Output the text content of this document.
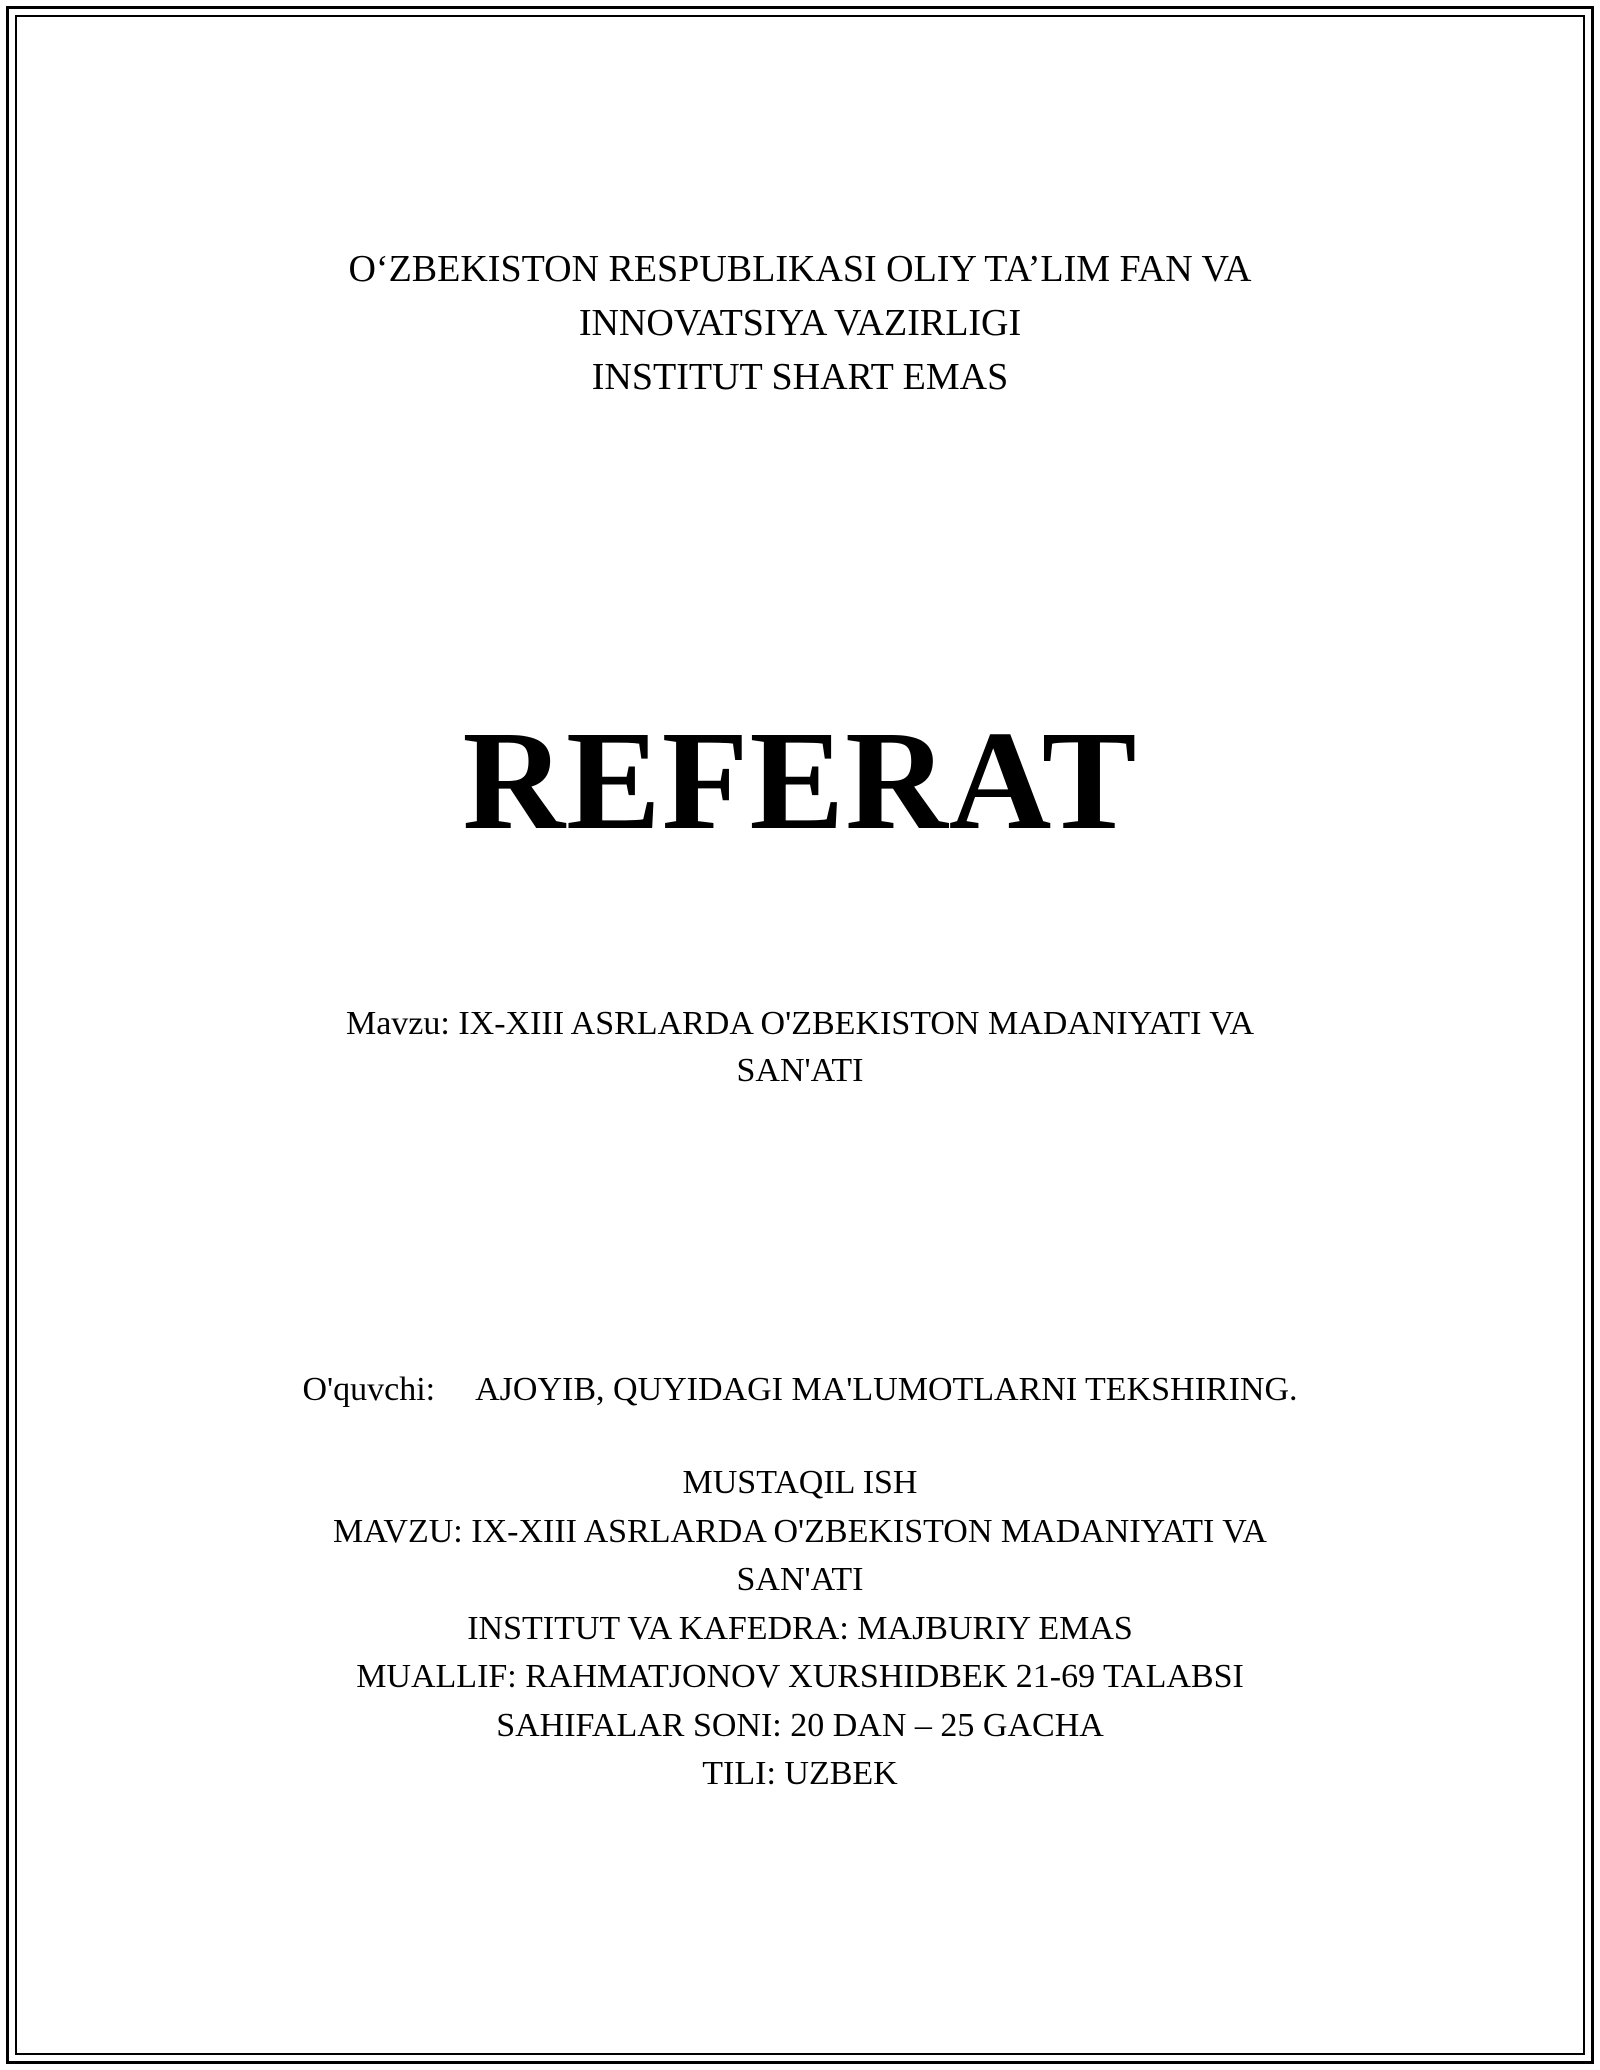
O‘ZBEKISTON RESPUBLIKASI OLIY TA’LIM FAN VA
INNOVATSIYA VAZIRLIGI
INSTITUT SHART EMAS
REFERAT
Mavzu: IX-XIII ASRLARDA O'ZBEKISTON MADANIYATI VA
SAN'ATI
O'quvchi: AJOYIB, QUYIDAGI MA'LUMOTLARNI TEKSHIRING.
MUSTAQIL ISH
MAVZU: IX-XIII ASRLARDA O'ZBEKISTON MADANIYATI VA
SAN'ATI
INSTITUT VA KAFEDRA: MAJBURIY EMAS
MUALLIF: RAHMATJONOV XURSHIDBEK 21-69 TALABSI
SAHIFALAR SONI: 20 DAN – 25 GACHA
TILI: UZBEK
